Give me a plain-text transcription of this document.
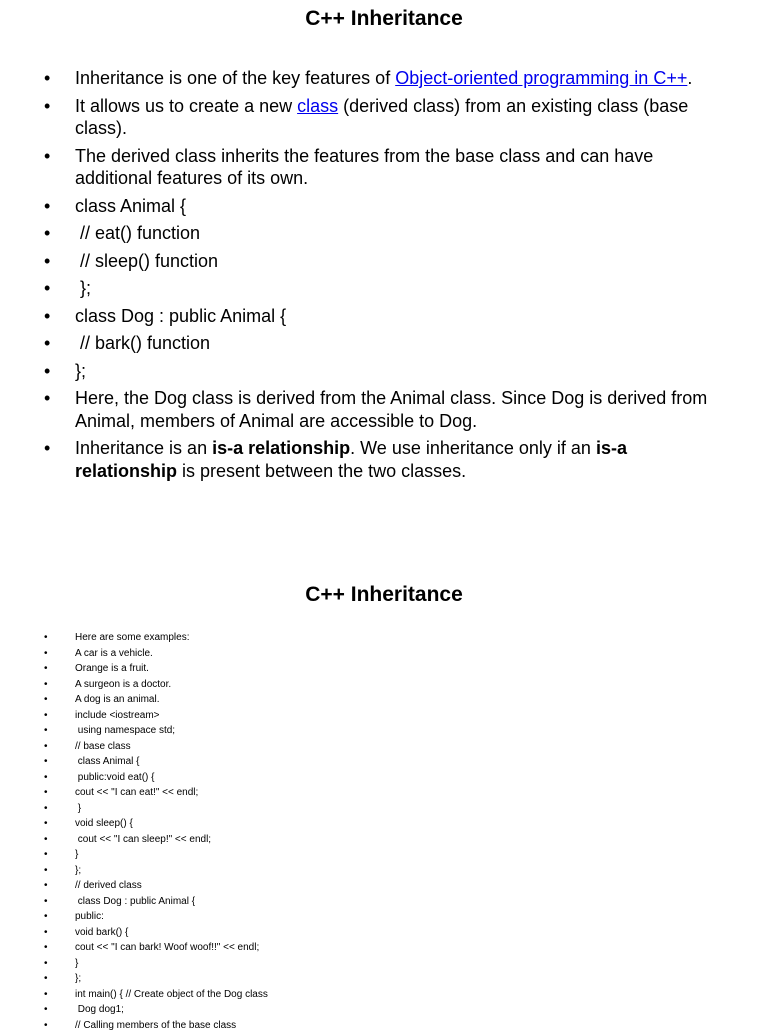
C++ Inheritance
• Inheritance is one of the key features of Object-oriented programming in C++.
• It allows us to create a new class (derived class) from an existing class (base class).
• The derived class inherits the features from the base class and can have additional features of its own.
• class Animal {
•  // eat() function
•  // sleep() function
•  };
• class Dog : public Animal {
•  // bark() function
• };
• Here, the Dog class is derived from the Animal class. Since Dog is derived from Animal, members of Animal are accessible to Dog.
• Inheritance is an is-a relationship. We use inheritance only if an is-a relationship is present between the two classes.
C++ Inheritance
• Here are some examples:
• A car is a vehicle.
• Orange is a fruit.
• A surgeon is a doctor.
• A dog is an animal.
• include <iostream>
•  using namespace std;
• // base class
•  class Animal {
•  public:void eat() {
• cout << "I can eat!" << endl;
•  }
• void sleep() {
•  cout << "I can sleep!" << endl;
• }
• };
• // derived class
•  class Dog : public Animal {
• public:
• void bark() {
• cout << "I can bark! Woof woof!!" << endl;
• }
• };
• int main() { // Create object of the Dog class
•  Dog dog1;
• // Calling members of the base class
